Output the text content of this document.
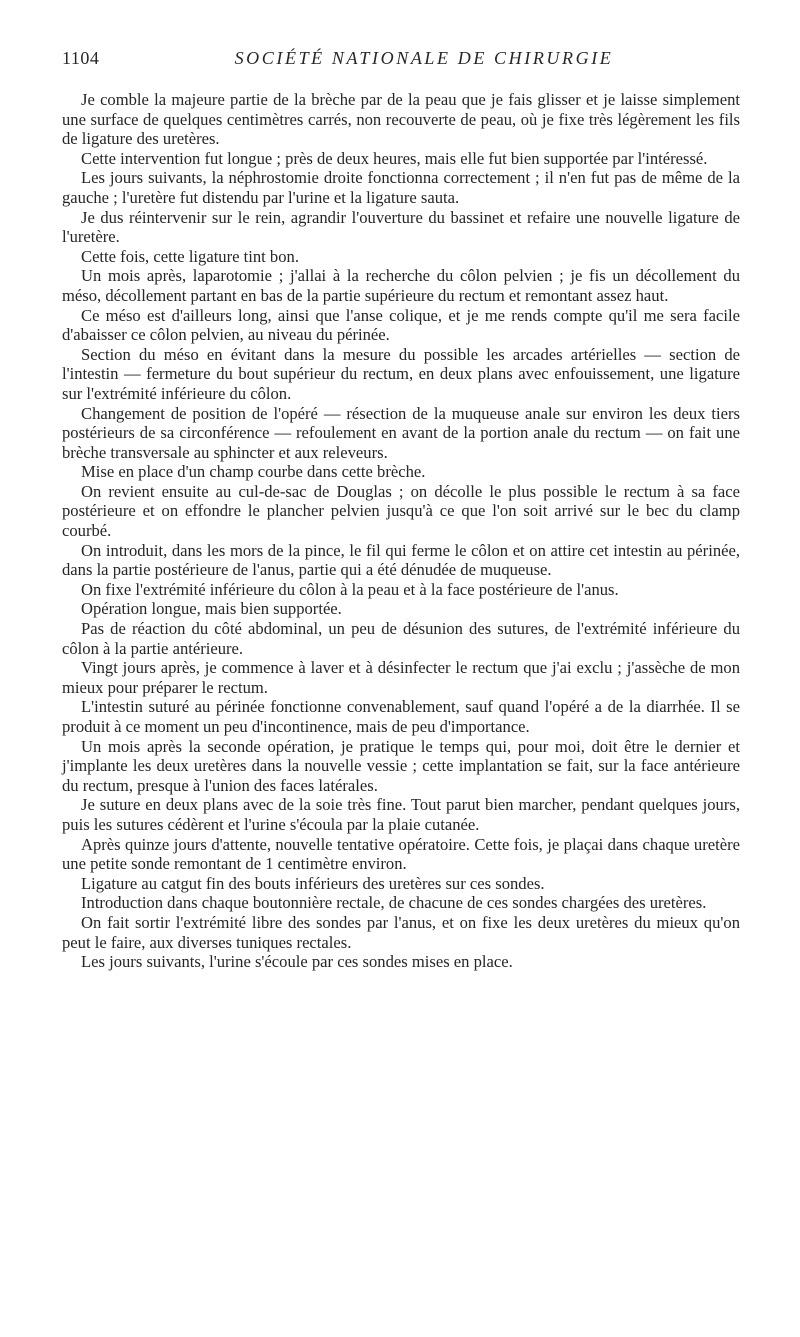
1104	SOCIÉTÉ NATIONALE DE CHIRURGIE

Je comble la majeure partie de la brèche par de la peau que je fais glisser et je laisse simplement une surface de quelques centimètres carrés, non recouverte de peau, où je fixe très légèrement les fils de ligature des uretères.

Cette intervention fut longue ; près de deux heures, mais elle fut bien supportée par l'intéressé.

Les jours suivants, la néphrostomie droite fonctionna correctement ; il n'en fut pas de même de la gauche ; l'uretère fut distendu par l'urine et la ligature sauta.

Je dus réintervenir sur le rein, agrandir l'ouverture du bassinet et refaire une nouvelle ligature de l'uretère.

Cette fois, cette ligature tint bon.

Un mois après, laparotomie ; j'allai à la recherche du côlon pelvien ; je fis un décollement du méso, décollement partant en bas de la partie supérieure du rectum et remontant assez haut.

Ce méso est d'ailleurs long, ainsi que l'anse colique, et je me rends compte qu'il me sera facile d'abaisser ce côlon pelvien, au niveau du périnée.

Section du méso en évitant dans la mesure du possible les arcades artérielles — section de l'intestin — fermeture du bout supérieur du rectum, en deux plans avec enfouissement, une ligature sur l'extrémité inférieure du côlon.

Changement de position de l'opéré — résection de la muqueuse anale sur environ les deux tiers postérieurs de sa circonférence — refoulement en avant de la portion anale du rectum — on fait une brèche transversale au sphincter et aux releveurs.

Mise en place d'un champ courbe dans cette brèche.

On revient ensuite au cul-de-sac de Douglas ; on décolle le plus possible le rectum à sa face postérieure et on effondre le plancher pelvien jusqu'à ce que l'on soit arrivé sur le bec du clamp courbé.

On introduit, dans les mors de la pince, le fil qui ferme le côlon et on attire cet intestin au périnée, dans la partie postérieure de l'anus, partie qui a été dénudée de muqueuse.

On fixe l'extrémité inférieure du côlon à la peau et à la face postérieure de l'anus.

Opération longue, mais bien supportée.

Pas de réaction du côté abdominal, un peu de désunion des sutures, de l'extrémité inférieure du côlon à la partie antérieure.

Vingt jours après, je commence à laver et à désinfecter le rectum que j'ai exclu ; j'assèche de mon mieux pour préparer le rectum.

L'intestin suturé au périnée fonctionne convenablement, sauf quand l'opéré a de la diarrhée. Il se produit à ce moment un peu d'incontinence, mais de peu d'importance.

Un mois après la seconde opération, je pratique le temps qui, pour moi, doit être le dernier et j'implante les deux uretères dans la nouvelle vessie ; cette implantation se fait, sur la face antérieure du rectum, presque à l'union des faces latérales.

Je suture en deux plans avec de la soie très fine. Tout parut bien marcher, pendant quelques jours, puis les sutures cédèrent et l'urine s'écoula par la plaie cutanée.

Après quinze jours d'attente, nouvelle tentative opératoire. Cette fois, je plaçai dans chaque uretère une petite sonde remontant de 1 centimètre environ.

Ligature au catgut fin des bouts inférieurs des uretères sur ces sondes.

Introduction dans chaque boutonnière rectale, de chacune de ces sondes chargées des uretères.

On fait sortir l'extrémité libre des sondes par l'anus, et on fixe les deux uretères du mieux qu'on peut le faire, aux diverses tuniques rectales.

Les jours suivants, l'urine s'écoule par ces sondes mises en place.
